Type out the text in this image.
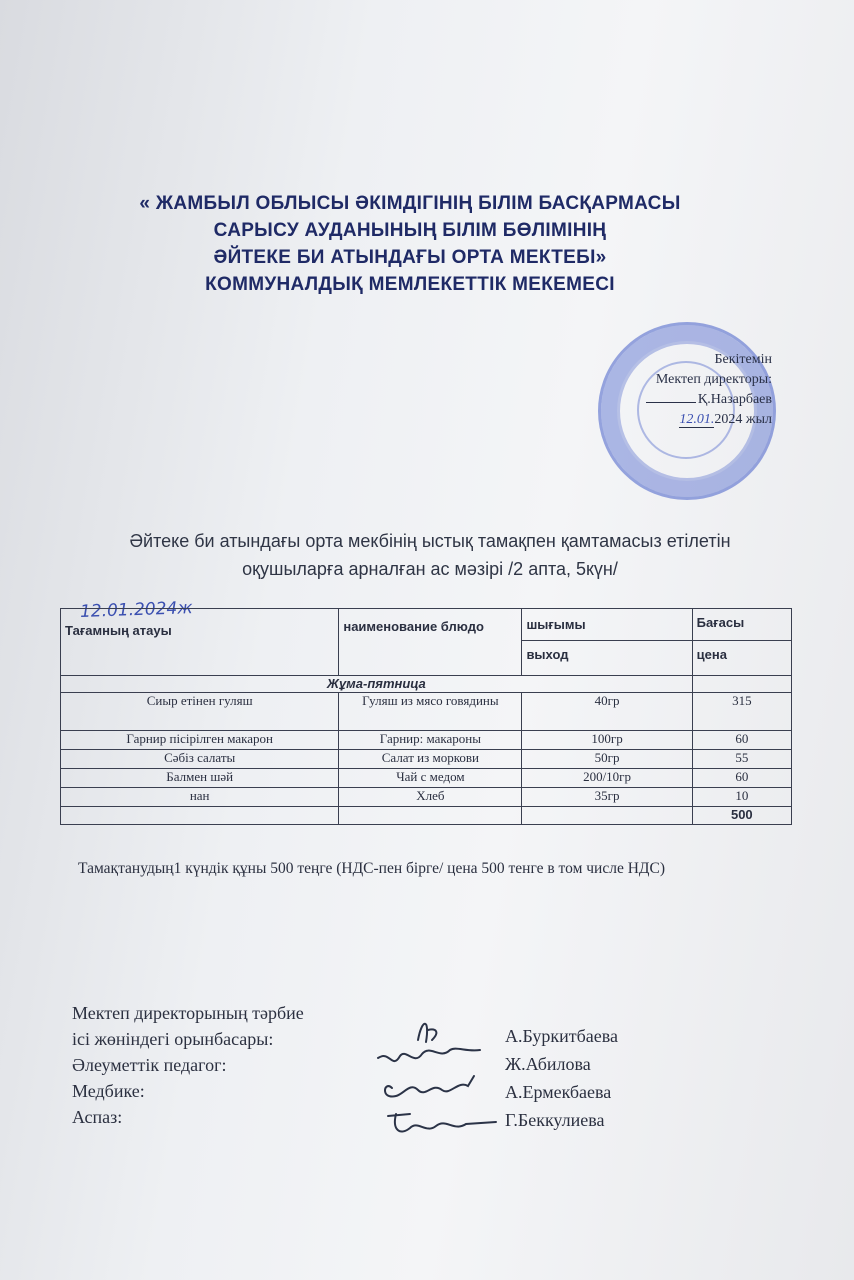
« ЖАМБЫЛ ОБЛЫСЫ ӘКІМДІГІНІҢ БІЛІМ БАСҚАРМАСЫ
САРЫСУ АУДАНЫНЫҢ БІЛІМ БӨЛІМІНІҢ
ӘЙТЕКЕ БИ АТЫНДАҒЫ ОРТА МЕКТЕБІ»
КОММУНАЛДЫҚ МЕМЛЕКЕТТІК МЕКЕМЕСІ
Бекітемін
Мектеп директоры:
Қ.Назарбаев
12.01.2024 жыл
Әйтеке би атындағы орта мекбінің ыстық тамақпен қамтамасыз етілетін
оқушыларға арналған ас мәзірі /2 апта, 5күн/
12.01.2024ж
Тағамның атауы	наименование блюдо	шығымы	Бағасы
		выход	цена
Жұма-пятница			
Сиыр етінен гуляш	Гуляш из мясо говядины	40гр	315
Гарнир пісірілген макарон	Гарнир: макароны	100гр	60
Сәбіз салаты	Салат из моркови	50гр	55
Балмен шәй	Чай с медом	200/10гр	60
нан	Хлеб	35гр	10
			500
Тамақтанудың1 күндік құны 500 теңге (НДС-пен бірге/ цена 500 тенге в том числе НДС)
Мектеп директорының тәрбие
ісі жөніндегі орынбасары:
Әлеуметтік педагог:
Медбике:
Аспаз:
А.Буркитбаева
Ж.Абилова
А.Ермекбаева
Г.Беккулиева
